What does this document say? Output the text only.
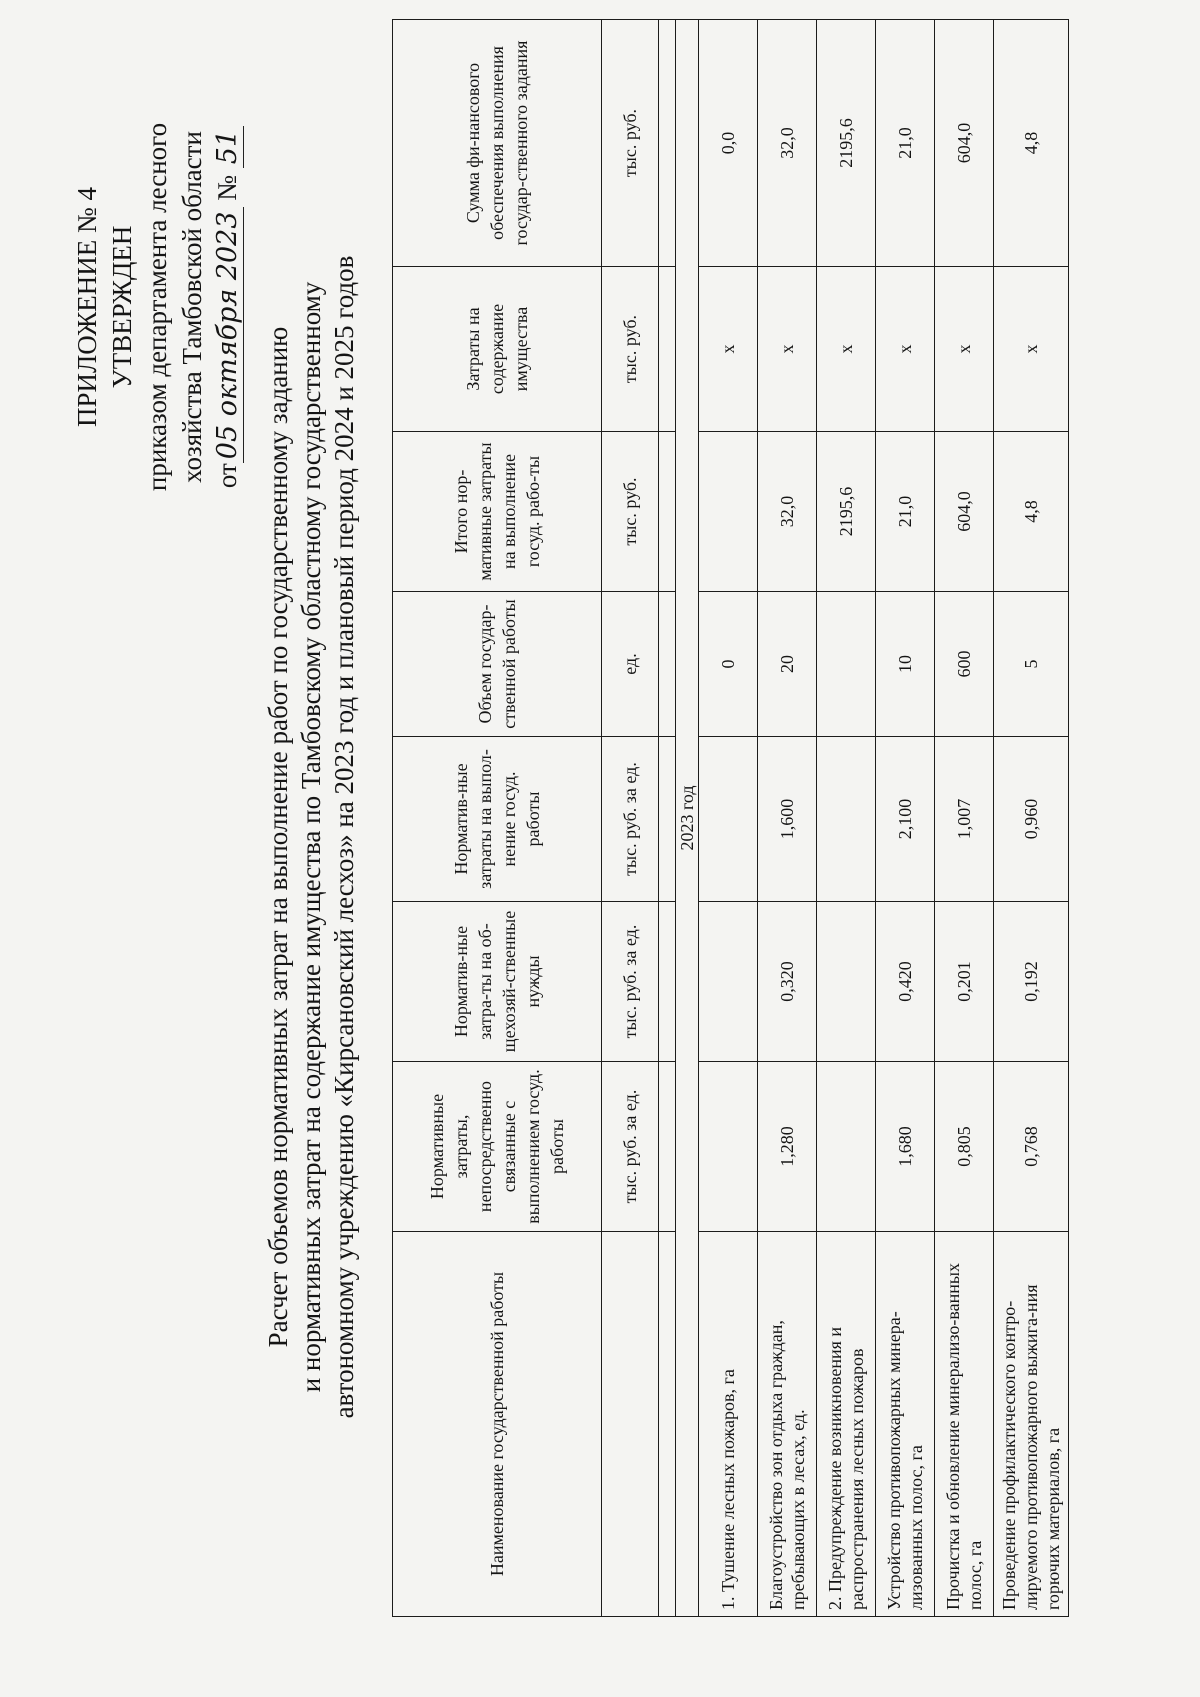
ПРИЛОЖЕНИЕ № 4 УТВЕРЖДЕН приказом департамента лесного хозяйства Тамбовской области от05 октября 2023 № 51
Расчет объемов нормативных затрат на выполнение работ по государственному заданию и нормативных затрат на содержание имущества по Тамбовскому областному государственному автономному учреждению «Кирсановский лесхоз» на 2023 год и плановый период 2024 и 2025 годов
Наименование государственной работы	Нормативные затраты, непосредственно связанные с выполнением госуд. работы	Норматив-ные затра-ты на об-щехозяй-ственные нужды	Норматив-ные затраты на выпол-нение госуд. работы	Объем государ-ственной работы	Итого нор-мативные затраты на выполнение госуд. рабо-ты	Затраты на содержание имущества	Сумма фи-нансового обеспечения выполнения государ-ственного задания
	тыс. руб. за ед.	тыс. руб. за ед.	тыс. руб. за ед.	ед.	тыс. руб.	тыс. руб.	тыс. руб.

2023 год							
1. Тушение лесных пожаров, га				0		х	0,0
Благоустройство зон отдыха граждан, пребывающих в лесах, ед.	1,280	0,320	1,600	20	32,0	х	32,0
2. Предупреждение возникновения и распространения лесных пожаров					2195,6	х	2195,6
Устройство противопожарных минера-лизованных полос, га	1,680	0,420	2,100	10	21,0	х	21,0
Прочистка и обновление минерализо-ванных полос, га	0,805	0,201	1,007	600	604,0	х	604,0
Проведение профилактического контро-лируемого противопожарного выжига-ния горючих материалов, га	0,768	0,192	0,960	5	4,8	х	4,8
